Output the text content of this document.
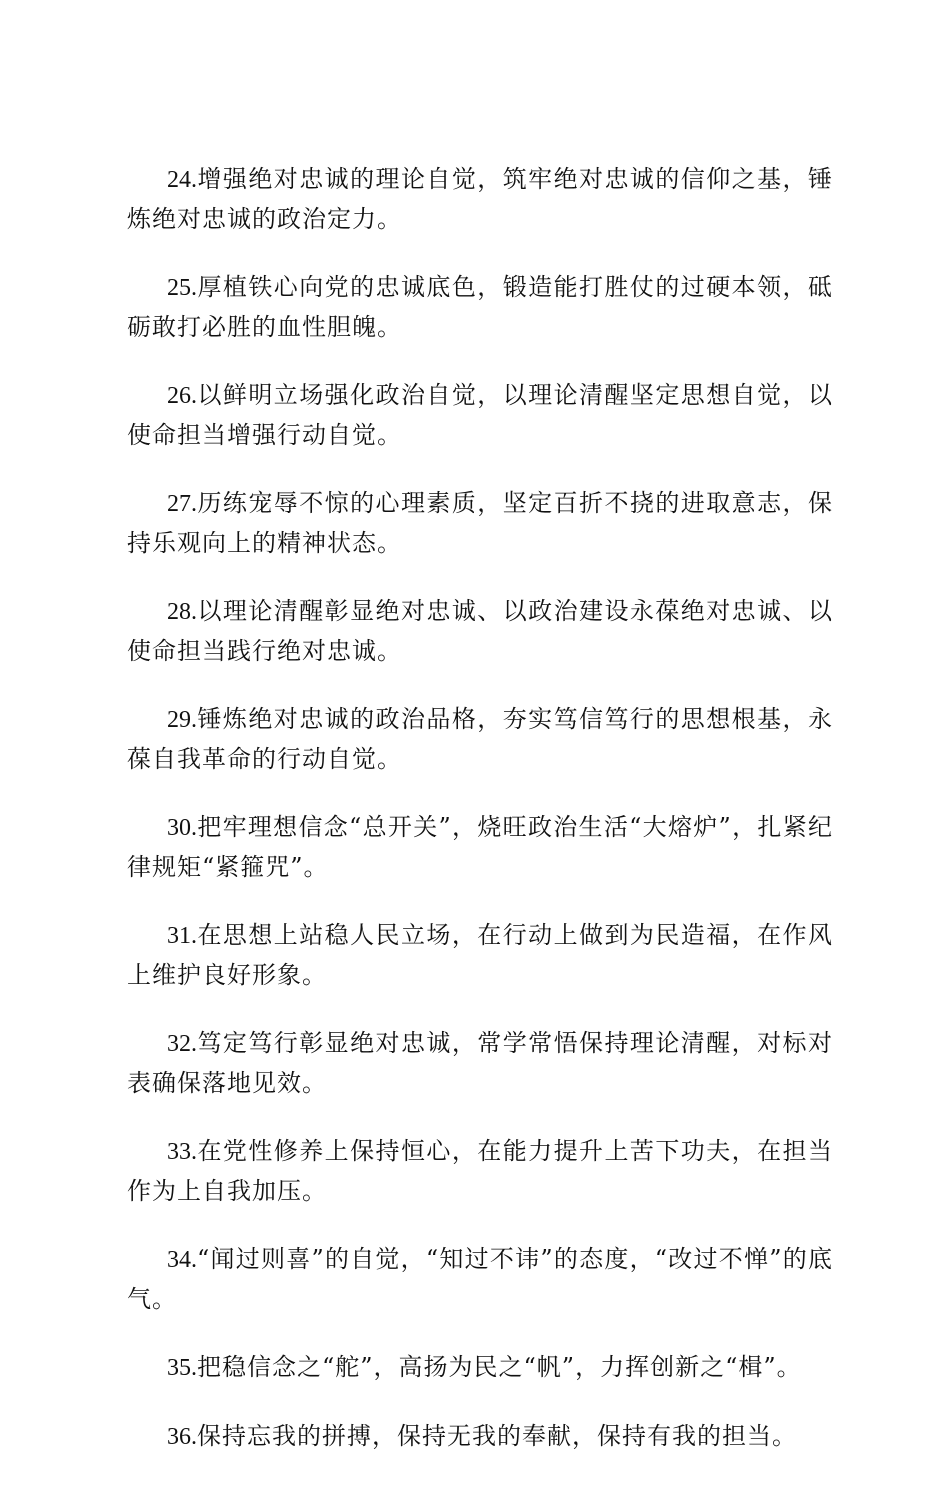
24.增强绝对忠诚的理论自觉，筑牢绝对忠诚的信仰之基，锤炼绝对忠诚的政治定力。

25.厚植铁心向党的忠诚底色，锻造能打胜仗的过硬本领，砥砺敢打必胜的血性胆魄。

26.以鲜明立场强化政治自觉，以理论清醒坚定思想自觉，以使命担当增强行动自觉。

27.历练宠辱不惊的心理素质，坚定百折不挠的进取意志，保持乐观向上的精神状态。

28.以理论清醒彰显绝对忠诚、以政治建设永葆绝对忠诚、以使命担当践行绝对忠诚。

29.锤炼绝对忠诚的政治品格，夯实笃信笃行的思想根基，永葆自我革命的行动自觉。

30.把牢理想信念“总开关”，烧旺政治生活“大熔炉”，扎紧纪律规矩“紧箍咒”。

31.在思想上站稳人民立场，在行动上做到为民造福，在作风上维护良好形象。

32.笃定笃行彰显绝对忠诚，常学常悟保持理论清醒，对标对表确保落地见效。

33.在党性修养上保持恒心，在能力提升上苦下功夫，在担当作为上自我加压。

34.“闻过则喜”的自觉，“知过不讳”的态度，“改过不惮”的底气。

35.把稳信念之“舵”，高扬为民之“帆”，力挥创新之“楫”。

36.保持忘我的拼搏，保持无我的奉献，保持有我的担当。
